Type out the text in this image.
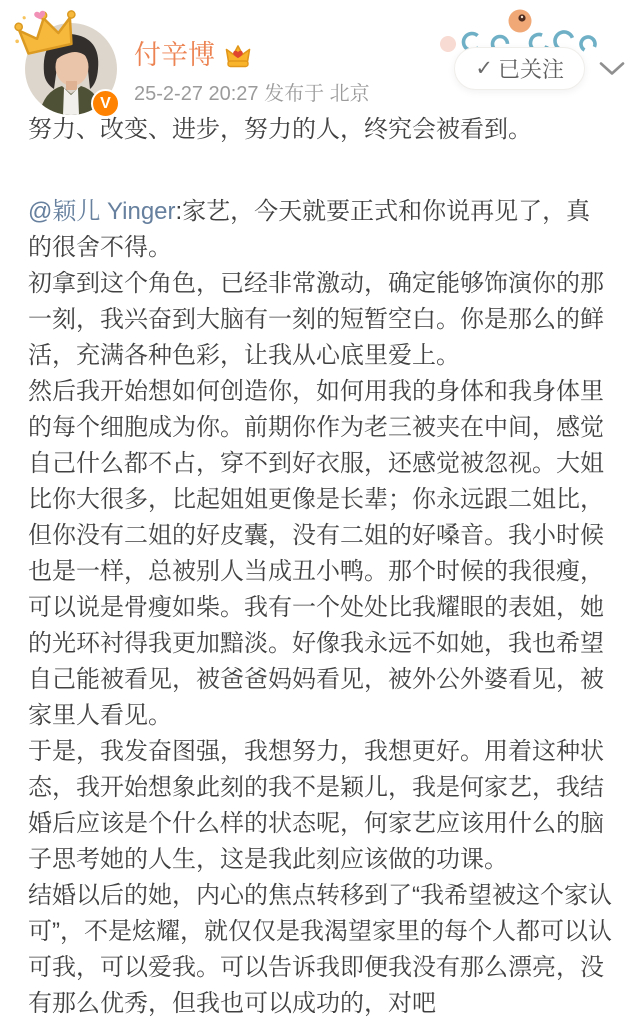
V
付辛博
25-2-27 20:27 发布于 北京
✓ 已关注

努力、改变、进步，努力的人，终究会被看到。

@颖儿 Yinger:家艺，今天就要正式和你说再见了，真的很舍不得。

初拿到这个角色，已经非常激动，确定能够饰演你的那一刻，我兴奋到大脑有一刻的短暂空白。你是那么的鲜活，充满各种色彩，让我从心底里爱上。

然后我开始想如何创造你，如何用我的身体和我身体里的每个细胞成为你。前期你作为老三被夹在中间，感觉自己什么都不占，穿不到好衣服，还感觉被忽视。大姐比你大很多，比起姐姐更像是长辈；你永远跟二姐比，但你没有二姐的好皮囊，没有二姐的好嗓音。我小时候也是一样，总被别人当成丑小鸭。那个时候的我很瘦，可以说是骨瘦如柴。我有一个处处比我耀眼的表姐，她的光环衬得我更加黯淡。好像我永远不如她，我也希望自己能被看见，被爸爸妈妈看见，被外公外婆看见，被家里人看见。

于是，我发奋图强，我想努力，我想更好。用着这种状态，我开始想象此刻的我不是颖儿，我是何家艺，我结婚后应该是个什么样的状态呢，何家艺应该用什么的脑子思考她的人生，这是我此刻应该做的功课。

结婚以后的她，内心的焦点转移到了“我希望被这个家认可”，不是炫耀，就仅仅是我渴望家里的每个人都可以认可我，可以爱我。可以告诉我即便我没有那么漂亮，没有那么优秀，但我也可以成功的，对吧
